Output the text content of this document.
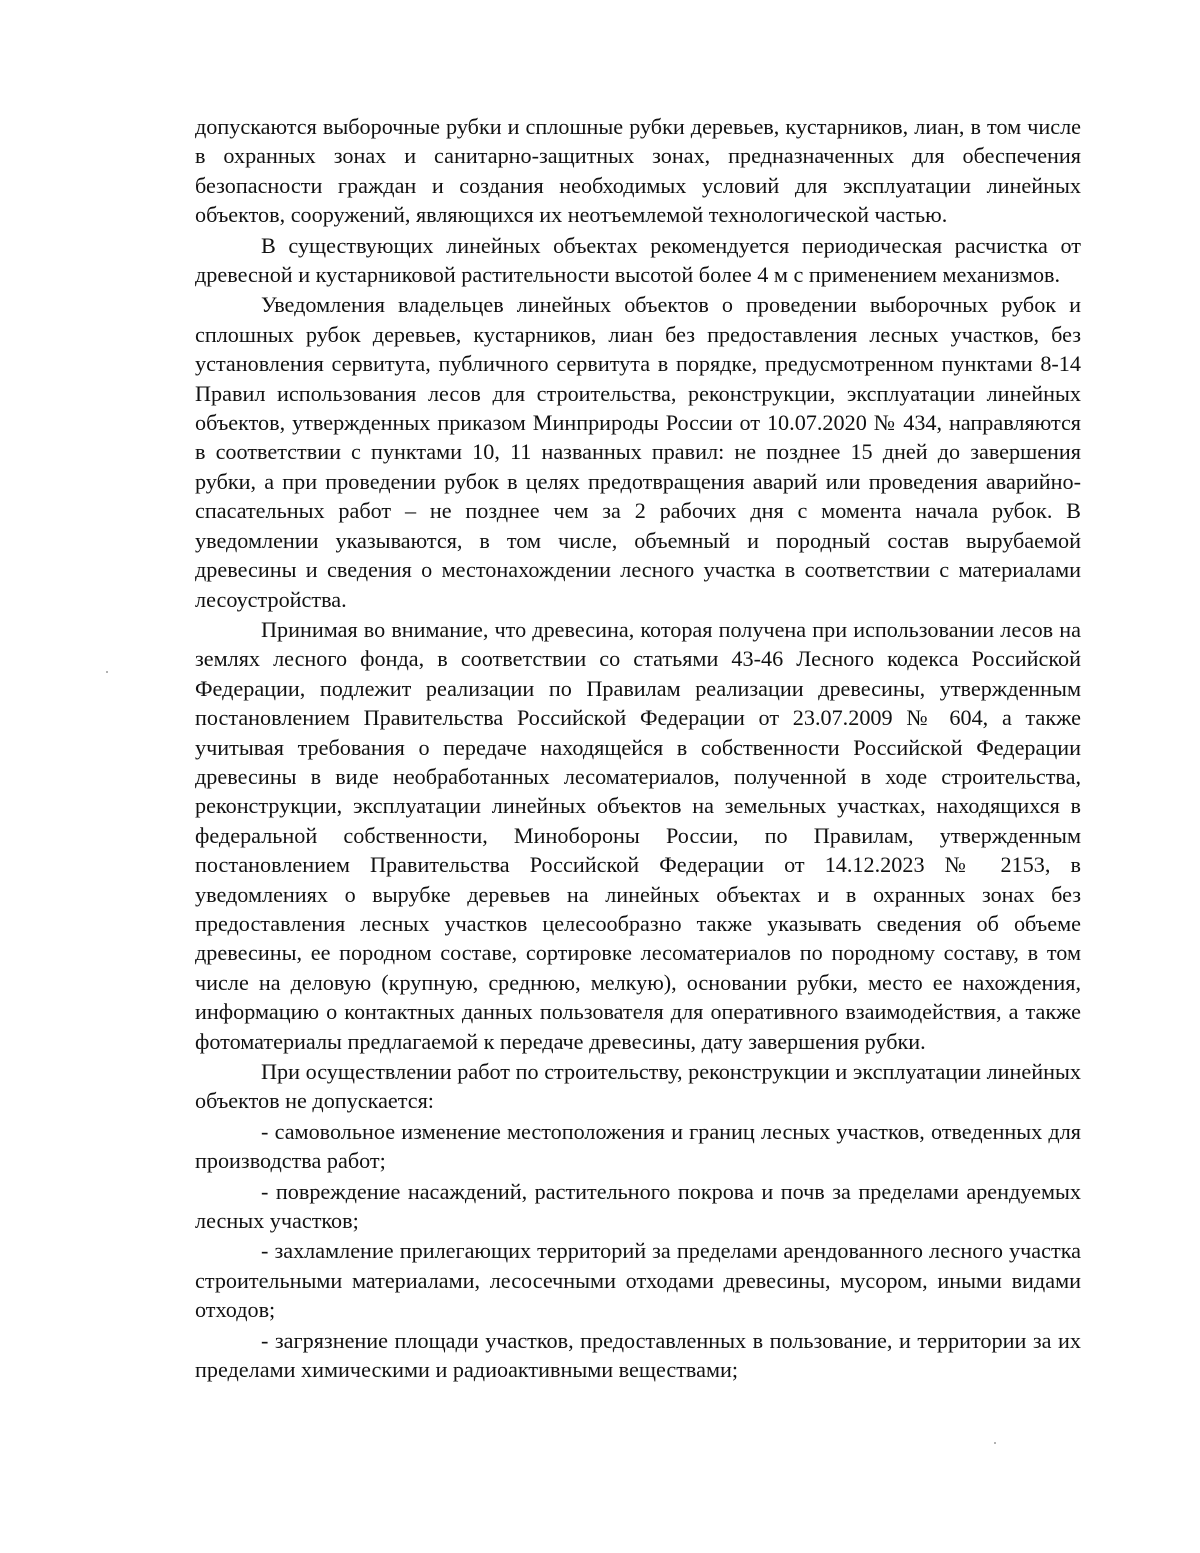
допускаются выборочные рубки и сплошные рубки деревьев, кустарников, лиан, в том числе в охранных зонах и санитарно-защитных зонах, предназначенных для обеспечения безопасности граждан и создания необходимых условий для эксплуатации линейных объектов, сооружений, являющихся их неотъемлемой технологической частью.

В существующих линейных объектах рекомендуется периодическая расчистка от древесной и кустарниковой растительности высотой более 4 м с применением механизмов.

Уведомления владельцев линейных объектов о проведении выборочных рубок и сплошных рубок деревьев, кустарников, лиан без предоставления лесных участков, без установления сервитута, публичного сервитута в порядке, предусмотренном пунктами 8-14 Правил использования лесов для строительства, реконструкции, эксплуатации линейных объектов, утвержденных приказом Минприроды России от 10.07.2020 № 434, направляются в соответствии с пунктами 10, 11 названных правил: не позднее 15 дней до завершения рубки, а при проведении рубок в целях предотвращения аварий или проведения аварийно-спасательных работ – не позднее чем за 2 рабочих дня с момента начала рубок. В уведомлении указываются, в том числе, объемный и породный состав вырубаемой древесины и сведения о местонахождении лесного участка в соответствии с материалами лесоустройства.

Принимая во внимание, что древесина, которая получена при использовании лесов на землях лесного фонда, в соответствии со статьями 43-46 Лесного кодекса Российской Федерации, подлежит реализации по Правилам реализации древесины, утвержденным постановлением Правительства Российской Федерации от 23.07.2009 № 604, а также учитывая требования о передаче находящейся в собственности Российской Федерации древесины в виде необработанных лесоматериалов, полученной в ходе строительства, реконструкции, эксплуатации линейных объектов на земельных участках, находящихся в федеральной собственности, Минобороны России, по Правилам, утвержденным постановлением Правительства Российской Федерации от 14.12.2023 № 2153, в уведомлениях о вырубке деревьев на линейных объектах и в охранных зонах без предоставления лесных участков целесообразно также указывать сведения об объеме древесины, ее породном составе, сортировке лесоматериалов по породному составу, в том числе на деловую (крупную, среднюю, мелкую), основании рубки, место ее нахождения, информацию о контактных данных пользователя для оперативного взаимодействия, а также фотоматериалы предлагаемой к передаче древесины, дату завершения рубки.

При осуществлении работ по строительству, реконструкции и эксплуатации линейных объектов не допускается:

- самовольное изменение местоположения и границ лесных участков, отведенных для производства работ;

- повреждение насаждений, растительного покрова и почв за пределами арендуемых лесных участков;

- захламление прилегающих территорий за пределами арендованного лесного участка строительными материалами, лесосечными отходами древесины, мусором, иными видами отходов;

- загрязнение площади участков, предоставленных в пользование, и территории за их пределами химическими и радиоактивными веществами;
